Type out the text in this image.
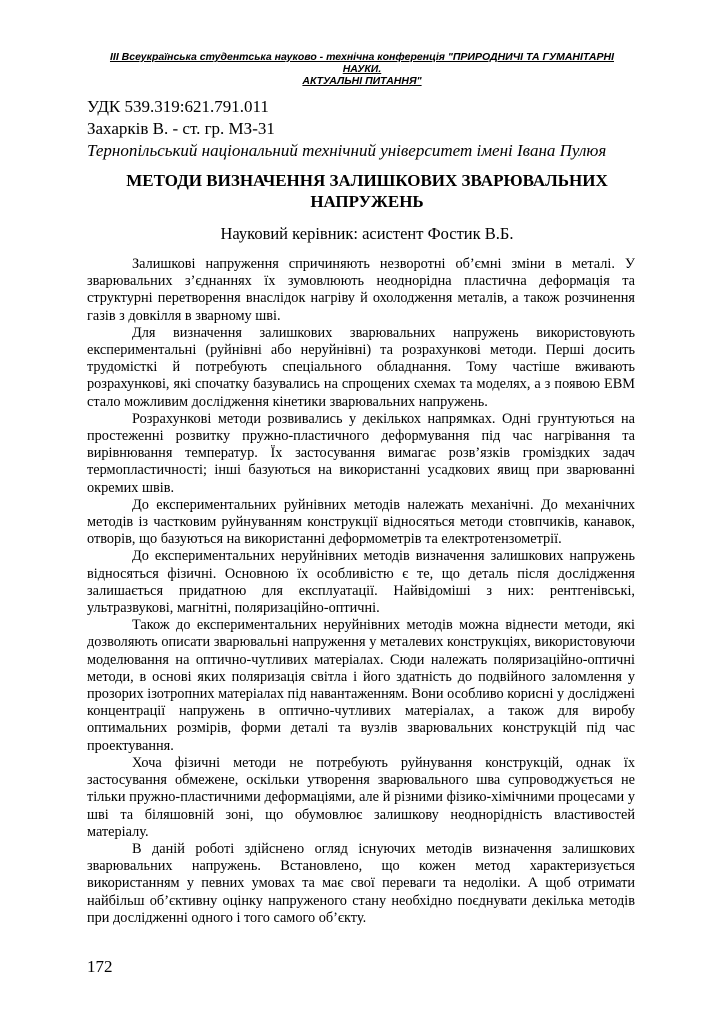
III Всеукраїнська студентська науково - технічна конференція "ПРИРОДНИЧІ ТА ГУМАНІТАРНІ НАУКИ.
АКТУАЛЬНІ ПИТАННЯ"
УДК 539.319:621.791.011
Захарків В. - ст. гр. МЗ-31
Тернопільський національний технічний університет імені Івана Пулюя
МЕТОДИ ВИЗНАЧЕННЯ ЗАЛИШКОВИХ ЗВАРЮВАЛЬНИХ
НАПРУЖЕНЬ
Науковий керівник: асистент Фостик В.Б.

Залишкові напруження спричиняють незворотні об’ємні зміни в металі. У зварювальних з’єднаннях їх зумовлюють неоднорідна пластична деформація та структурні перетворення внаслідок нагріву й охолодження металів, а також розчинення газів з довкілля в зварному шві.

Для визначення залишкових зварювальних напружень використовують експериментальні (руйнівні або неруйнівні) та розрахункові методи. Перші досить трудомісткі й потребують спеціального обладнання. Тому частіше вживають розрахункові, які спочатку базувались на спрощених схемах та моделях, а з появою ЕВМ стало можливим дослідження кінетики зварювальних напружень.

Розрахункові методи розвивались у декількох напрямках. Одні грунтуються на простеженні розвитку пружно-пластичного деформування під час нагрівання та вирівнювання температур. Їх застосування вимагає розв’язків громіздких задач термопластичності; інші базуються на використанні усадкових явищ при зварюванні окремих швів.

До експериментальних руйнівних методів належать механічні. До механічних методів із частковим руйнуванням конструкції відносяться методи стовпчиків, канавок, отворів, що базуються на використанні деформометрів та електротензометрії.

До експериментальних неруйнівних методів визначення залишкових напружень відносяться фізичні. Основною їх особливістю є те, що деталь після дослідження залишається придатною для експлуатації. Найвідоміші з них: рентгенівські, ультразвукові, магнітні, поляризаційно-оптичні.

Також до експериментальних неруйнівних методів можна віднести методи, які дозволяють описати зварювальні напруження у металевих конструкціях, використовуючи моделювання на оптично-чутливих матеріалах. Сюди належать поляризаційно-оптичні методи, в основі яких поляризація світла і його здатність до подвійного заломлення у прозорих ізотропних матеріалах під навантаженням. Вони особливо корисні у досліджені концентрації напружень в оптично-чутливих матеріалах, а також для виробу оптимальних розмірів, форми деталі та вузлів зварювальних конструкцій під час проектування.

Хоча фізичні методи не потребують руйнування конструкцій, однак їх застосування обмежене, оскільки утворення зварювального шва супроводжується не тільки пружно-пластичними деформаціями, але й різними фізико-хімічними процесами у шві та біляшовній зоні, що обумовлює залишкову неоднорідність властивостей матеріалу.

В даній роботі здійснено огляд існуючих методів визначення залишкових зварювальних напружень. Встановлено, що кожен метод характеризується використанням у певних умовах та має свої переваги та недоліки. А щоб отримати найбільш об’єктивну оцінку напруженого стану необхідно поєднувати декілька методів при дослідженні одного і того самого об’єкту.

172
